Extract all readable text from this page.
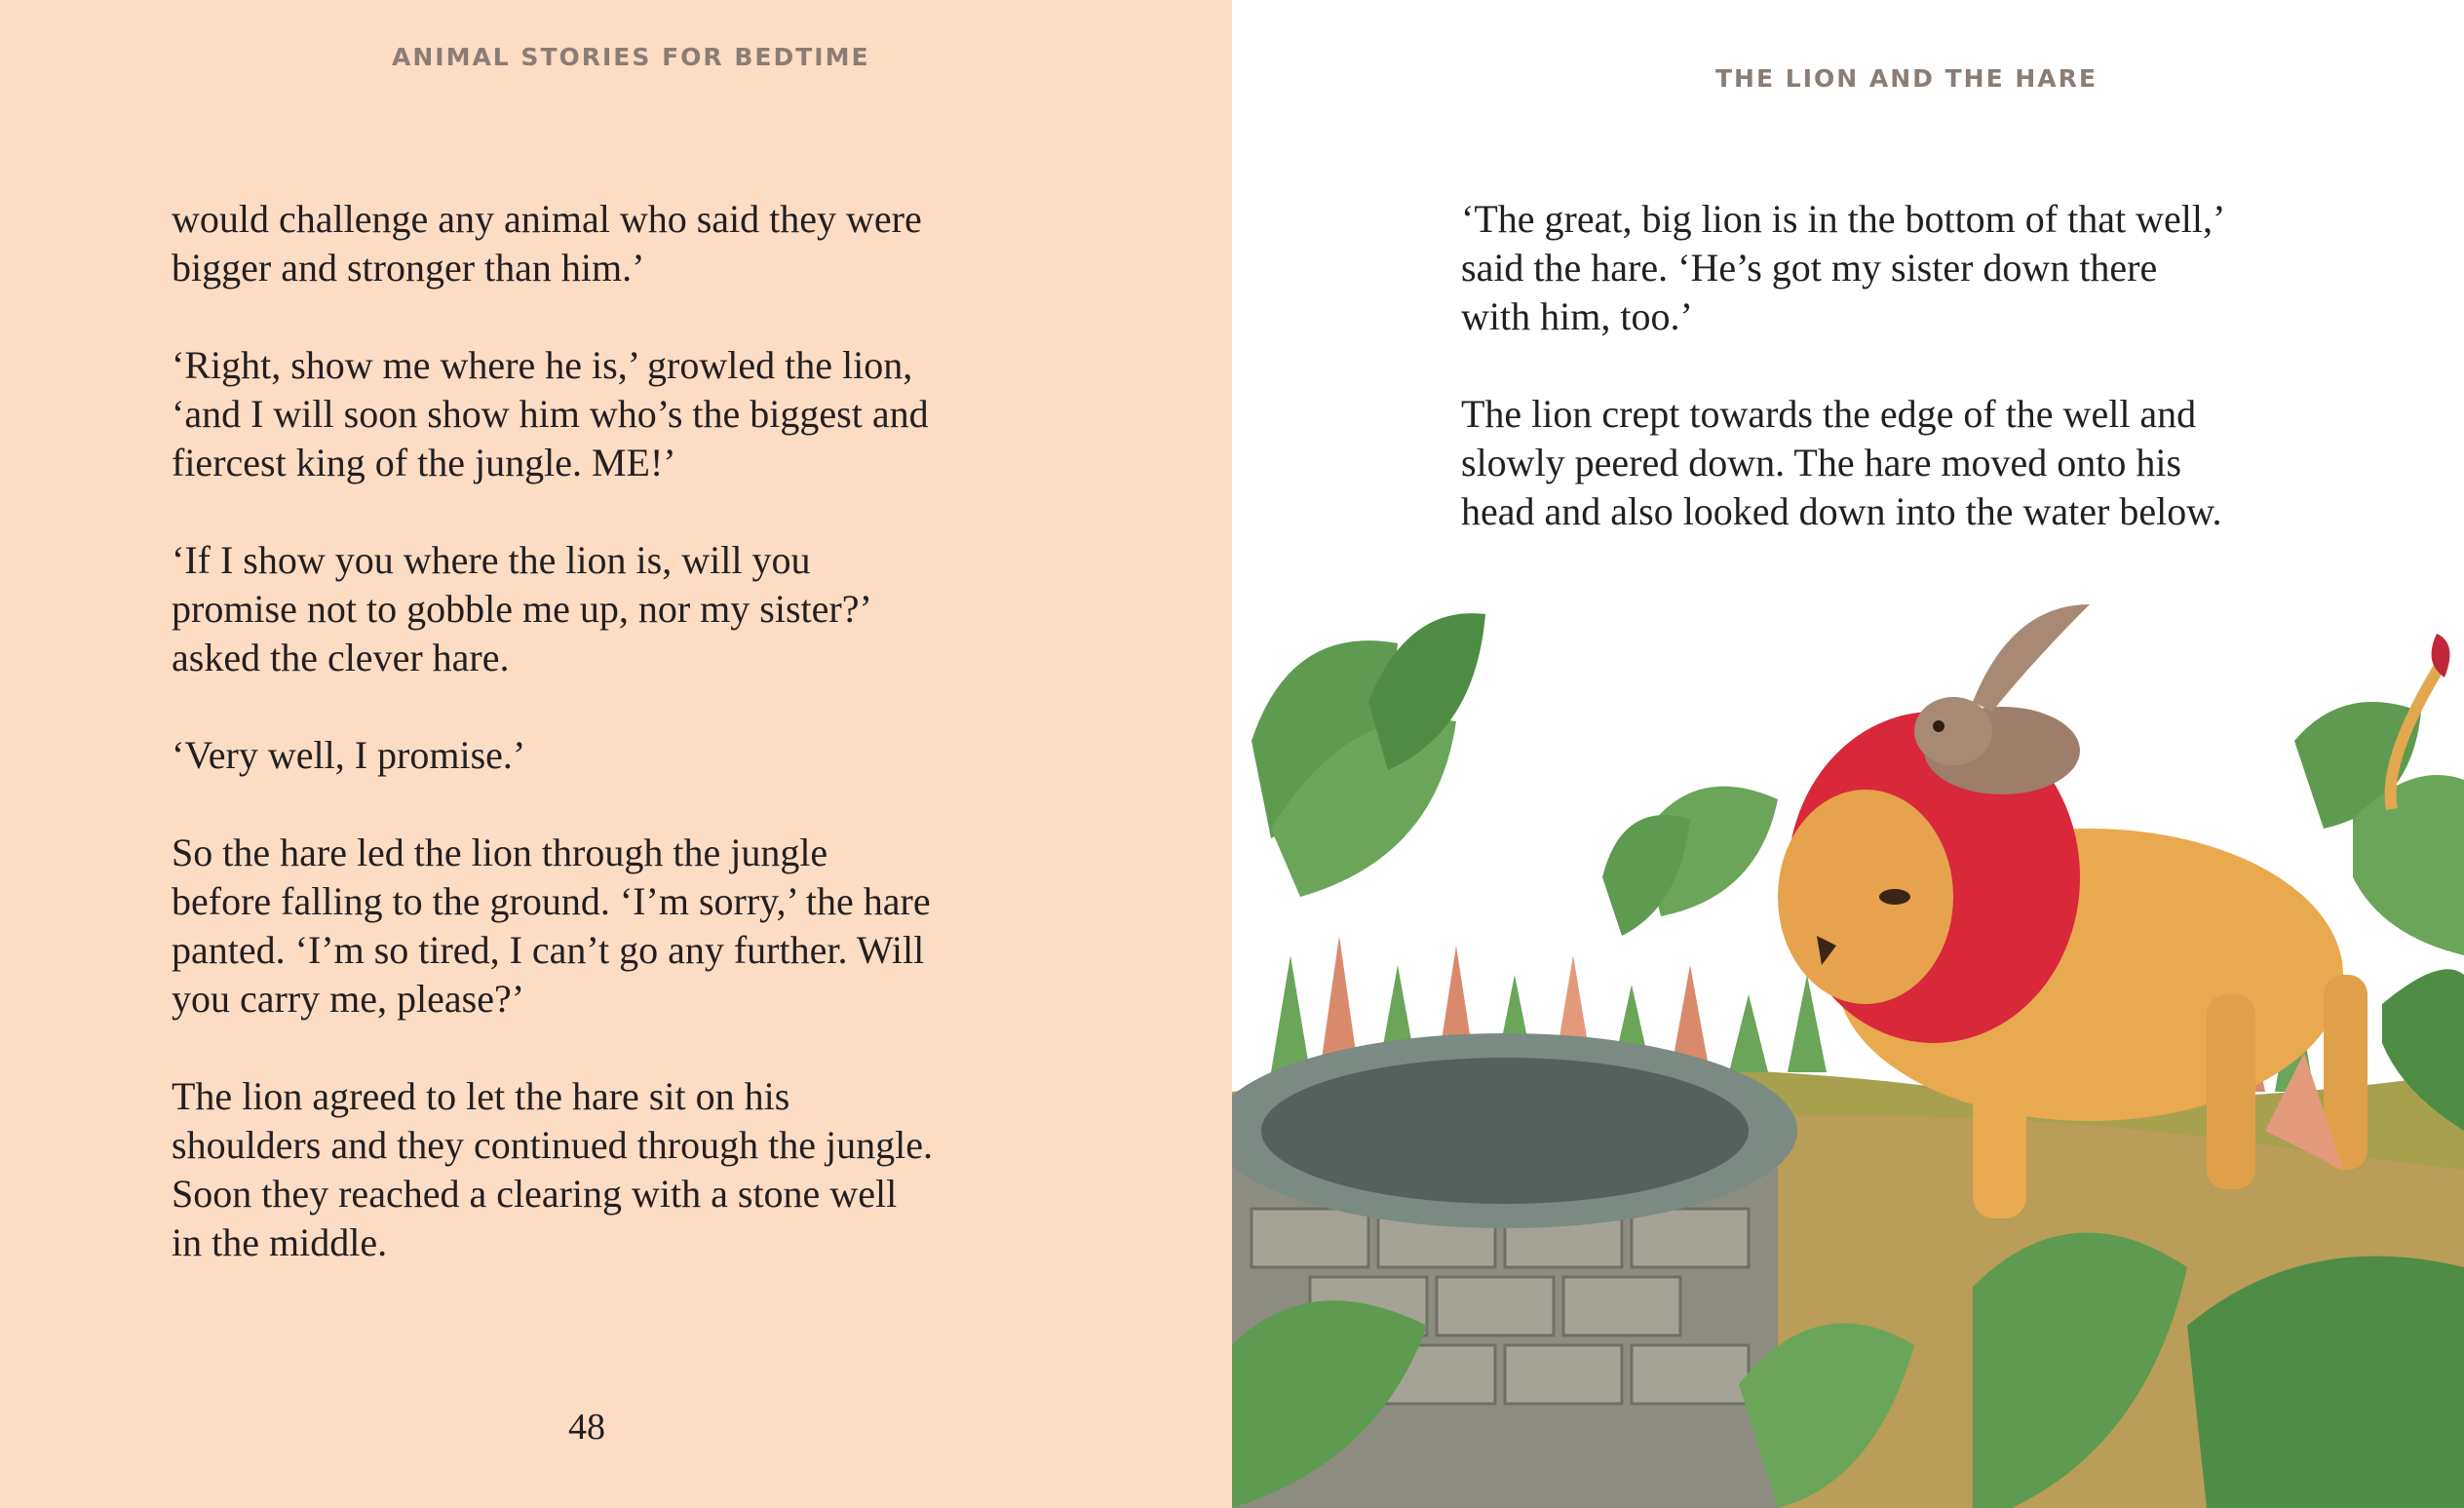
ANIMAL STORIES FOR BEDTIME

would challenge any animal who said they were
bigger and stronger than him.’

‘Right, show me where he is,’ growled the lion,
‘and I will soon show him who’s the biggest and
fiercest king of the jungle. ME!’

‘If I show you where the lion is, will you
promise not to gobble me up, nor my sister?’
asked the clever hare.

‘Very well, I promise.’

So the hare led the lion through the jungle
before falling to the ground. ‘I’m sorry,’ the hare
panted. ‘I’m so tired, I can’t go any further. Will
you carry me, please?’

The lion agreed to let the hare sit on his
shoulders and they continued through the jungle.
Soon they reached a clearing with a stone well
in the middle.

48
THE LION AND THE HARE

‘The great, big lion is in the bottom of that well,’
said the hare. ‘He’s got my sister down there
with him, too.’

The lion crept towards the edge of the well and
slowly peered down. The hare moved onto his
head and also looked down into the water below.
